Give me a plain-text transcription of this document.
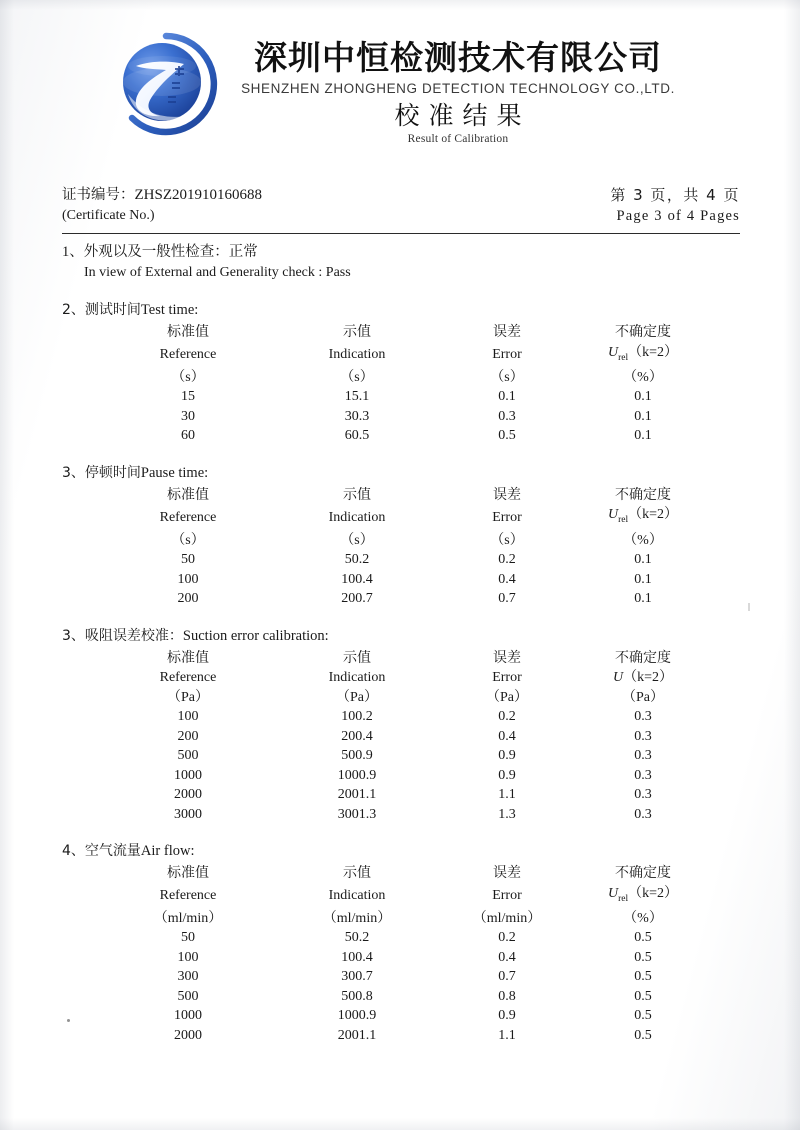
深圳中恒检测技术有限公司
SHENZHEN ZHONGHENG DETECTION TECHNOLOGY CO.,LTD.
校准结果
Result of Calibration
证书编号：ZHSZ201910160688
(Certificate No.)
第 3 页，共 4 页
Page 3 of 4 Pages
1、外观以及一般性检查：正常
In view of External and Generality check : Pass
2、测试时间Test time:
标准值	示值	误差	不确定度
Reference	Indication	Error	$U_{rel}(k=2)$
（s）	（s）	（s）	（%）
15	15.1	0.1	0.1
30	30.3	0.3	0.1
60	60.5	0.5	0.1
3、停顿时间Pause time:
标准值	示值	误差	不确定度
Reference	Indication	Error	$U_{rel}(k=2)$
（s）	（s）	（s）	（%）
50	50.2	0.2	0.1
100	100.4	0.4	0.1
200	200.7	0.7	0.1
3、吸阻误差校准：Suction error calibration:
标准值	示值	误差	不确定度
Reference	Indication	Error	U（k=2）
（Pa）	（Pa）	（Pa）	（Pa）
100	100.2	0.2	0.3
200	200.4	0.4	0.3
500	500.9	0.9	0.3
1000	1000.9	0.9	0.3
2000	2001.1	1.1	0.3
3000	3001.3	1.3	0.3
4、空气流量Air flow:
标准值	示值	误差	不确定度
Reference	Indication	Error	$U_{rel}(k=2)$
（ml/min）	（ml/min）	（ml/min）	（%）
50	50.2	0.2	0.5
100	100.4	0.4	0.5
300	300.7	0.7	0.5
500	500.8	0.8	0.5
1000	1000.9	0.9	0.5
2000	2001.1	1.1	0.5
